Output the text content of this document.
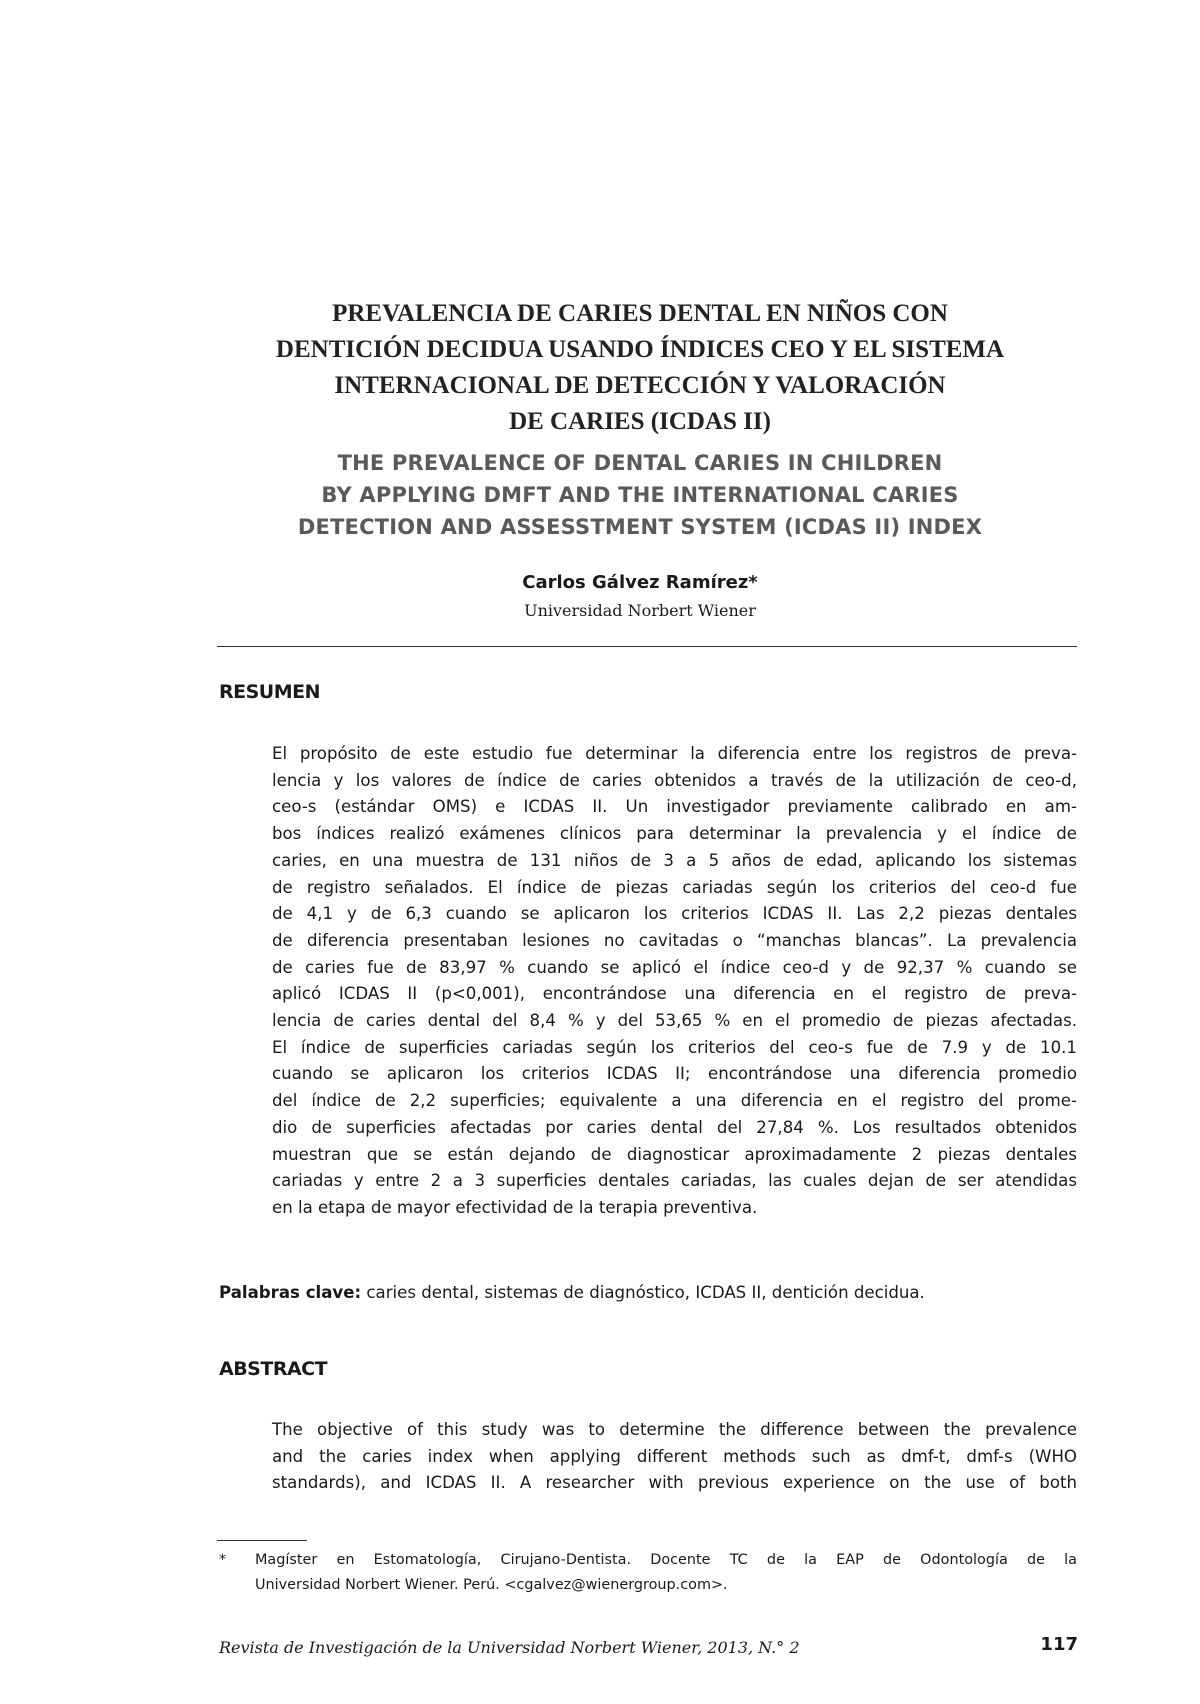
PREVALENCIA DE CARIES DENTAL EN NIÑOS CON
DENTICIÓN DECIDUA USANDO ÍNDICES CEO Y EL SISTEMA
INTERNACIONAL DE DETECCIÓN Y VALORACIÓN
DE CARIES (ICDAS II)
THE PREVALENCE OF DENTAL CARIES IN CHILDREN
BY APPLYING DMFT AND THE INTERNATIONAL CARIES
DETECTION AND ASSESSTMENT SYSTEM (ICDAS II) INDEX
Carlos Gálvez Ramírez*
Universidad Norbert Wiener
RESUMEN
El propósito de este estudio fue determinar la diferencia entre los registros de preva-
lencia y los valores de índice de caries obtenidos a través de la utilización de ceo-d,
ceo-s (estándar OMS) e ICDAS II. Un investigador previamente calibrado en am-
bos índices realizó exámenes clínicos para determinar la prevalencia y el índice de
caries, en una muestra de 131 niños de 3 a 5 años de edad, aplicando los sistemas
de registro señalados. El índice de piezas cariadas según los criterios del ceo-d fue
de 4,1 y de 6,3 cuando se aplicaron los criterios ICDAS II. Las 2,2 piezas dentales
de diferencia presentaban lesiones no cavitadas o “manchas blancas”. La prevalencia
de caries fue de 83,97 % cuando se aplicó el índice ceo-d y de 92,37 % cuando se
aplicó ICDAS II (p<0,001), encontrándose una diferencia en el registro de preva-
lencia de caries dental del 8,4 % y del 53,65 % en el promedio de piezas afectadas.
El índice de superficies cariadas según los criterios del ceo-s fue de 7.9 y de 10.1
cuando se aplicaron los criterios ICDAS II; encontrándose una diferencia promedio
del índice de 2,2 superficies; equivalente a una diferencia en el registro del prome-
dio de superficies afectadas por caries dental del 27,84 %. Los resultados obtenidos
muestran que se están dejando de diagnosticar aproximadamente 2 piezas dentales
cariadas y entre 2 a 3 superficies dentales cariadas, las cuales dejan de ser atendidas
en la etapa de mayor efectividad de la terapia preventiva.
Palabras clave: caries dental, sistemas de diagnóstico, ICDAS II, dentición decidua.
ABSTRACT
The objective of this study was to determine the difference between the prevalence
and the caries index when applying different methods such as dmf-t, dmf-s (WHO
standards), and ICDAS II. A researcher with previous experience on the use of both
* Magíster en Estomatología, Cirujano-Dentista. Docente TC de la EAP de Odontología de la
Universidad Norbert Wiener. Perú. <cgalvez@wienergroup.com>.
Revista de Investigación de la Universidad Norbert Wiener, 2013, N.° 2	117
